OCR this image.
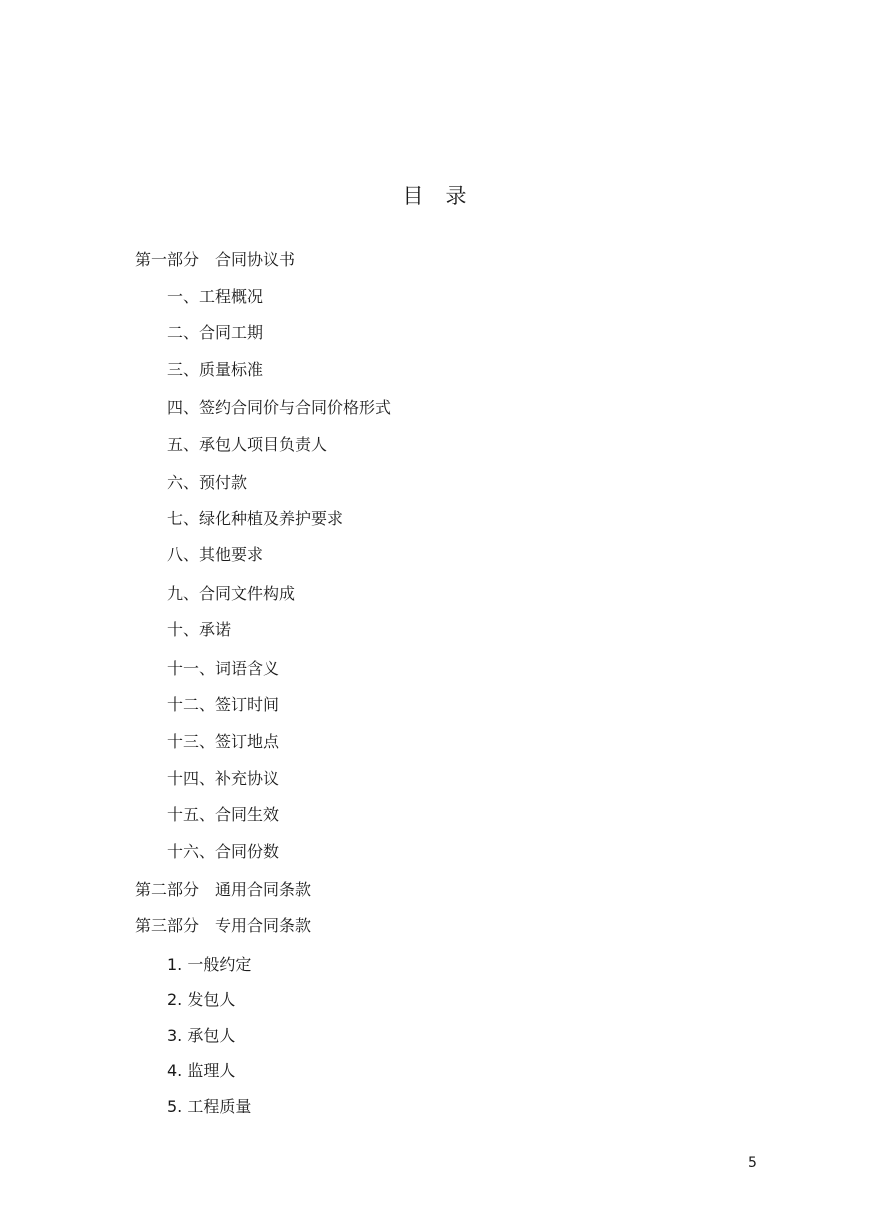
目 录
第一部分 合同协议书
一、工程概况
二、合同工期
三、质量标准
四、签约合同价与合同价格形式
五、承包人项目负责人
六、预付款
七、绿化种植及养护要求
八、其他要求
九、合同文件构成
十、承诺
十一、词语含义
十二、签订时间
十三、签订地点
十四、补充协议
十五、合同生效
十六、合同份数
第二部分 通用合同条款
第三部分 专用合同条款
1. 一般约定
2. 发包人
3. 承包人
4. 监理人
5. 工程质量
5
